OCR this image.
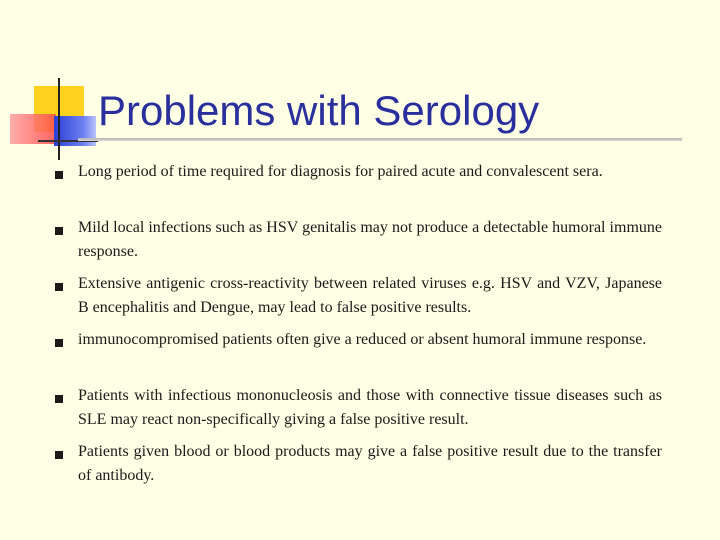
Problems with Serology
Long period of time required for diagnosis for paired acute and convalescent sera.
Mild local infections such as HSV genitalis may not produce a detectable humoral immune response.
Extensive antigenic cross-reactivity between related viruses e.g. HSV and VZV, Japanese B encephalitis and Dengue, may lead to false positive results.
immunocompromised patients often give a reduced or absent humoral immune response.
Patients with infectious mononucleosis and those with connective tissue diseases such as SLE may react non-specifically giving a false positive result.
Patients given blood or blood products may give a false positive result due to the transfer of antibody.
